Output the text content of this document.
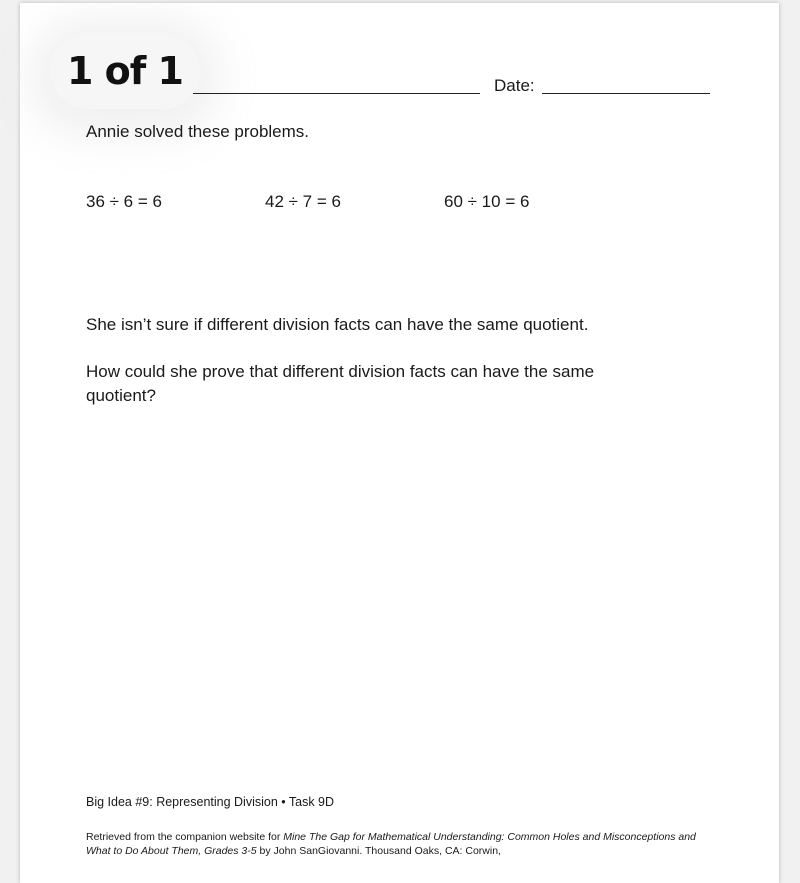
1 of 1	Date:

Annie solved these problems.

36 ÷ 6 = 6	42 ÷ 7 = 6	60 ÷ 10 = 6

She isn’t sure if different division facts can have the same quotient.

How could she prove that different division facts can have the same quotient?

Big Idea #9: Representing Division • Task 9D
Retrieved from the companion website for Mine The Gap for Mathematical Understanding: Common Holes and Misconceptions and What to Do About Them, Grades 3-5 by John SanGiovanni. Thousand Oaks, CA: Corwin,
